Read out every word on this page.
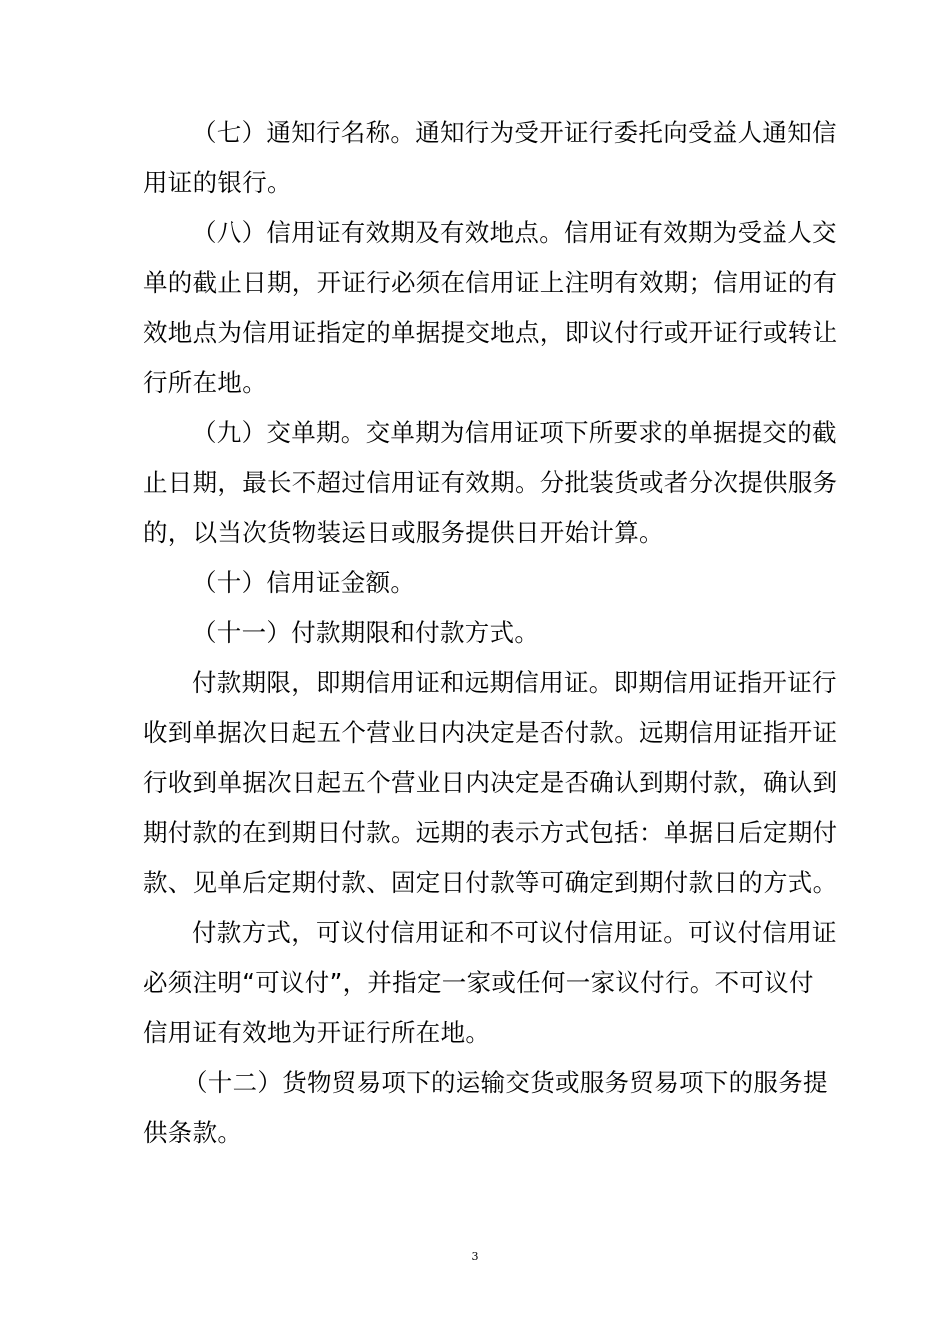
（七）通知行名称。通知行为受开证行委托向受益人通知信
用证的银行。
（八）信用证有效期及有效地点。信用证有效期为受益人交
单的截止日期，开证行必须在信用证上注明有效期；信用证的有
效地点为信用证指定的单据提交地点，即议付行或开证行或转让
行所在地。
（九）交单期。交单期为信用证项下所要求的单据提交的截
止日期，最长不超过信用证有效期。分批装货或者分次提供服务
的，以当次货物装运日或服务提供日开始计算。
（十）信用证金额。
（十一）付款期限和付款方式。
付款期限，即期信用证和远期信用证。即期信用证指开证行
收到单据次日起五个营业日内决定是否付款。远期信用证指开证
行收到单据次日起五个营业日内决定是否确认到期付款，确认到
期付款的在到期日付款。远期的表示方式包括：单据日后定期付
款、见单后定期付款、固定日付款等可确定到期付款日的方式。
付款方式，可议付信用证和不可议付信用证。可议付信用证
必须注明“可议付”，并指定一家或任何一家议付行。不可议付
信用证有效地为开证行所在地。
（十二）货物贸易项下的运输交货或服务贸易项下的服务提
供条款。
3
